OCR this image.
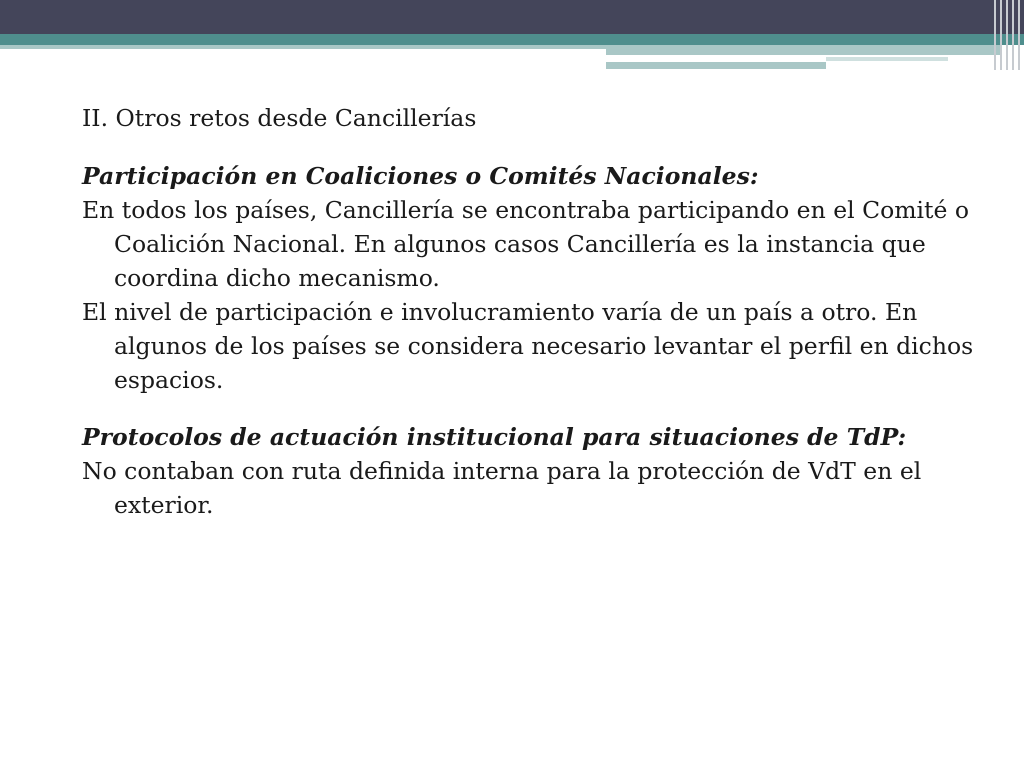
II. Otros retos desde Cancillerías

Participación en Coaliciones o Comités Nacionales:

En todos los países, Cancillería se encontraba participando en el Comité o Coalición Nacional. En algunos casos Cancillería es la instancia que coordina dicho mecanismo.

El nivel de participación e involucramiento varía de un país a otro. En algunos de los países se considera necesario levantar el perfil en dichos espacios.

Protocolos de actuación institucional para situaciones de TdP:

No contaban con ruta definida interna para la protección de VdT en el exterior.
